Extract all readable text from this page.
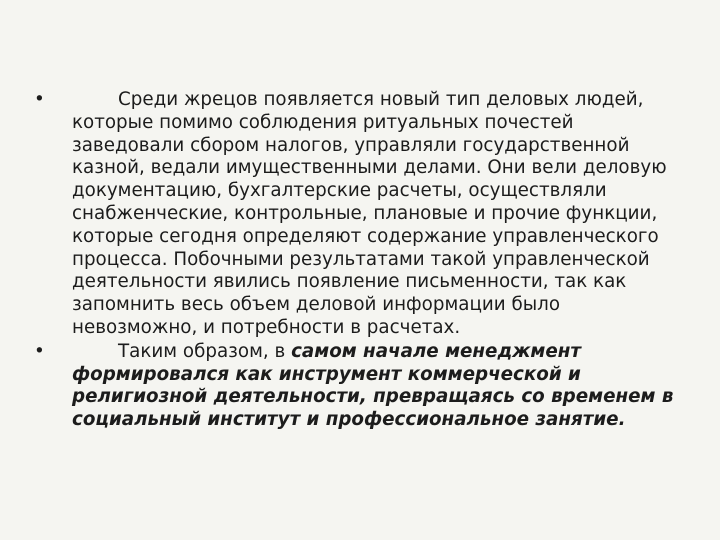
•	Среди жрецов появляется новый тип деловых людей, которые помимо соблюдения ритуальных почестей заведовали сбором налогов, управляли государственной казной, ведали имущественными делами. Они вели деловую документацию, бухгалтерские расчеты, осуществляли снабженческие, контрольные, плановые и прочие функции, которые сегодня определяют содержание управленческого процесса. Побочными результатами такой управленческой деятельности явились появление письменности, так как запомнить весь объем деловой информации было невозможно, и потребности в расчетах.
•	Таким образом, в самом начале менеджмент формировался как инструмент коммерческой и религиозной деятельности, превращаясь со временем в социальный институт и профессиональное занятие.
